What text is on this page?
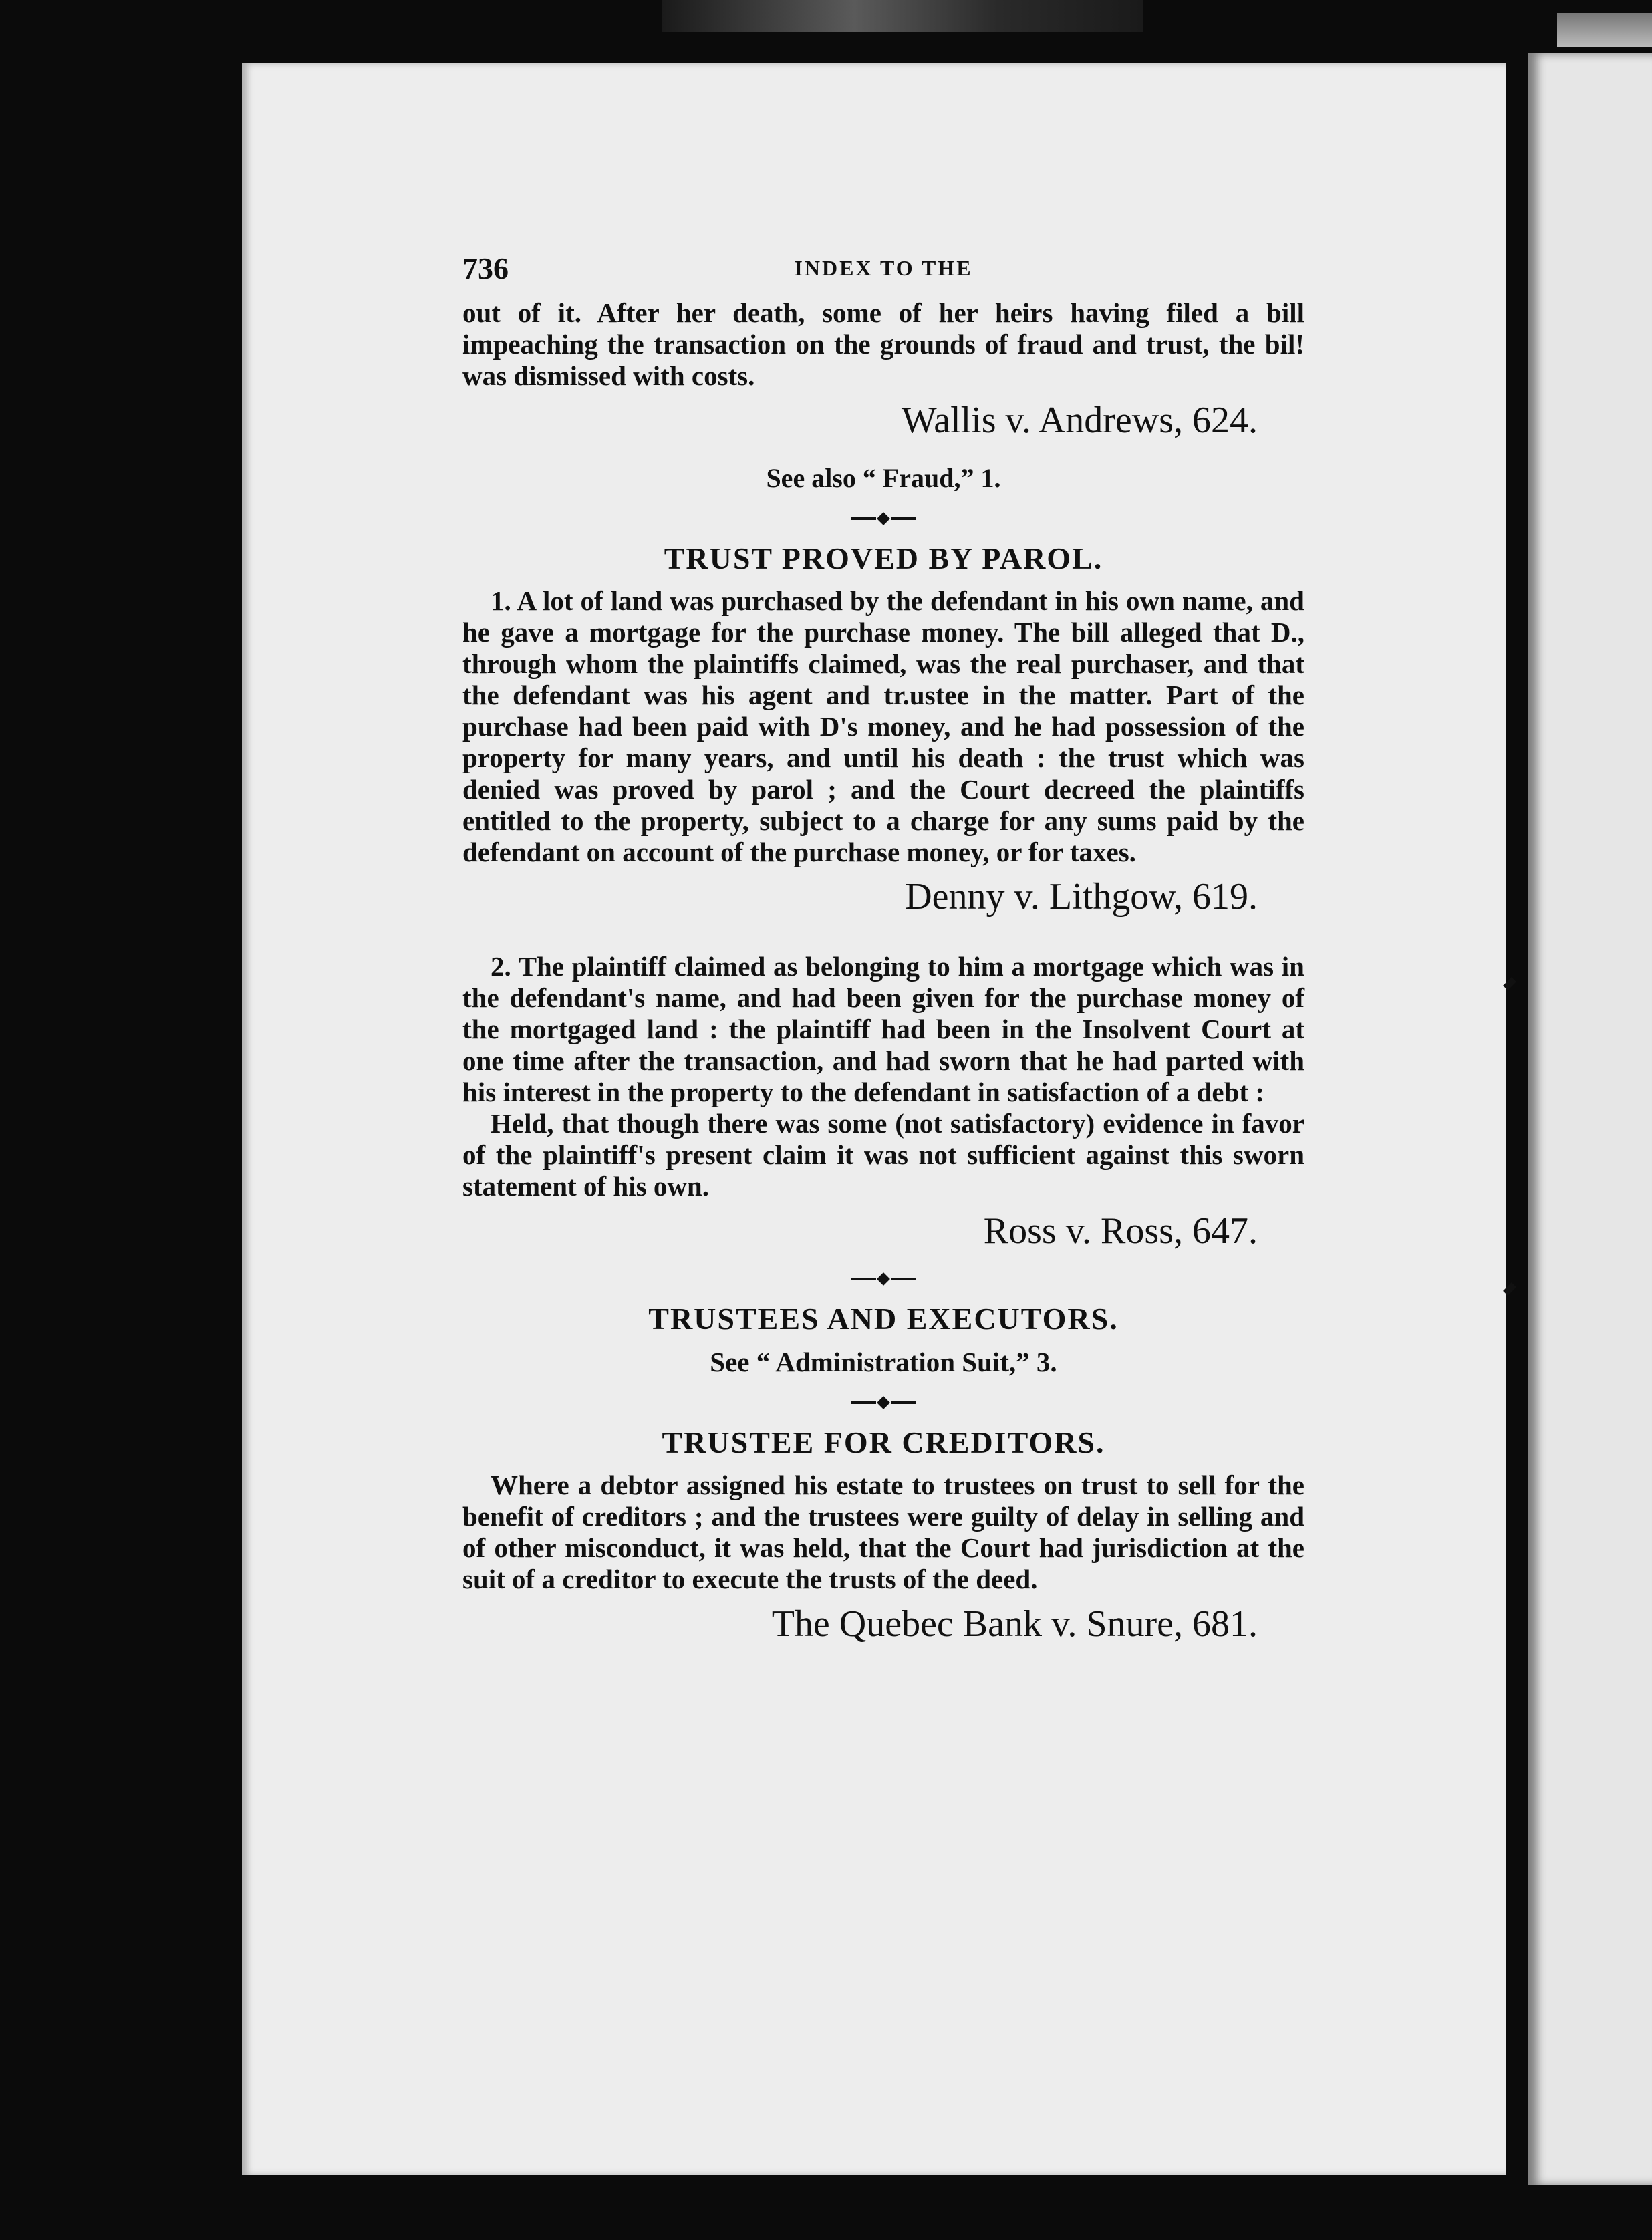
736	INDEX TO THE

out of it. After her death, some of her heirs having filed a bill impeaching the transaction on the grounds of fraud and trust, the bil! was dismissed with costs.

Wallis v. Andrews, 624.

See also “ Fraud,” 1.
TRUST PROVED BY PAROL.

1. A lot of land was purchased by the defendant in his own name, and he gave a mortgage for the purchase money. The bill alleged that D., through whom the plaintiffs claimed, was the real purchaser, and that the defendant was his agent and tr.ustee in the matter. Part of the purchase had been paid with D's money, and he had possession of the property for many years, and until his death : the trust which was denied was proved by parol ; and the Court decreed the plaintiffs entitled to the property, subject to a charge for any sums paid by the defendant on account of the purchase money, or for taxes.

Denny v. Lithgow, 619.

2. The plaintiff claimed as belonging to him a mortgage which was in the defendant's name, and had been given for the purchase money of the mortgaged land : the plaintiff had been in the Insolvent Court at one time after the transaction, and had sworn that he had parted with his interest in the property to the defendant in satisfaction of a debt :

Held, that though there was some (not satisfactory) evidence in favor of the plaintiff's present claim it was not sufficient against this sworn statement of his own.

Ross v. Ross, 647.

TRUSTEES AND EXECUTORS.
See “ Administration Suit,” 3.
TRUSTEE FOR CREDITORS.

Where a debtor assigned his estate to trustees on trust to sell for the benefit of creditors ; and the trustees were guilty of delay in selling and of other misconduct, it was held, that the Court had jurisdiction at the suit of a creditor to execute the trusts of the deed.

The Quebec Bank v. Snure, 681.
